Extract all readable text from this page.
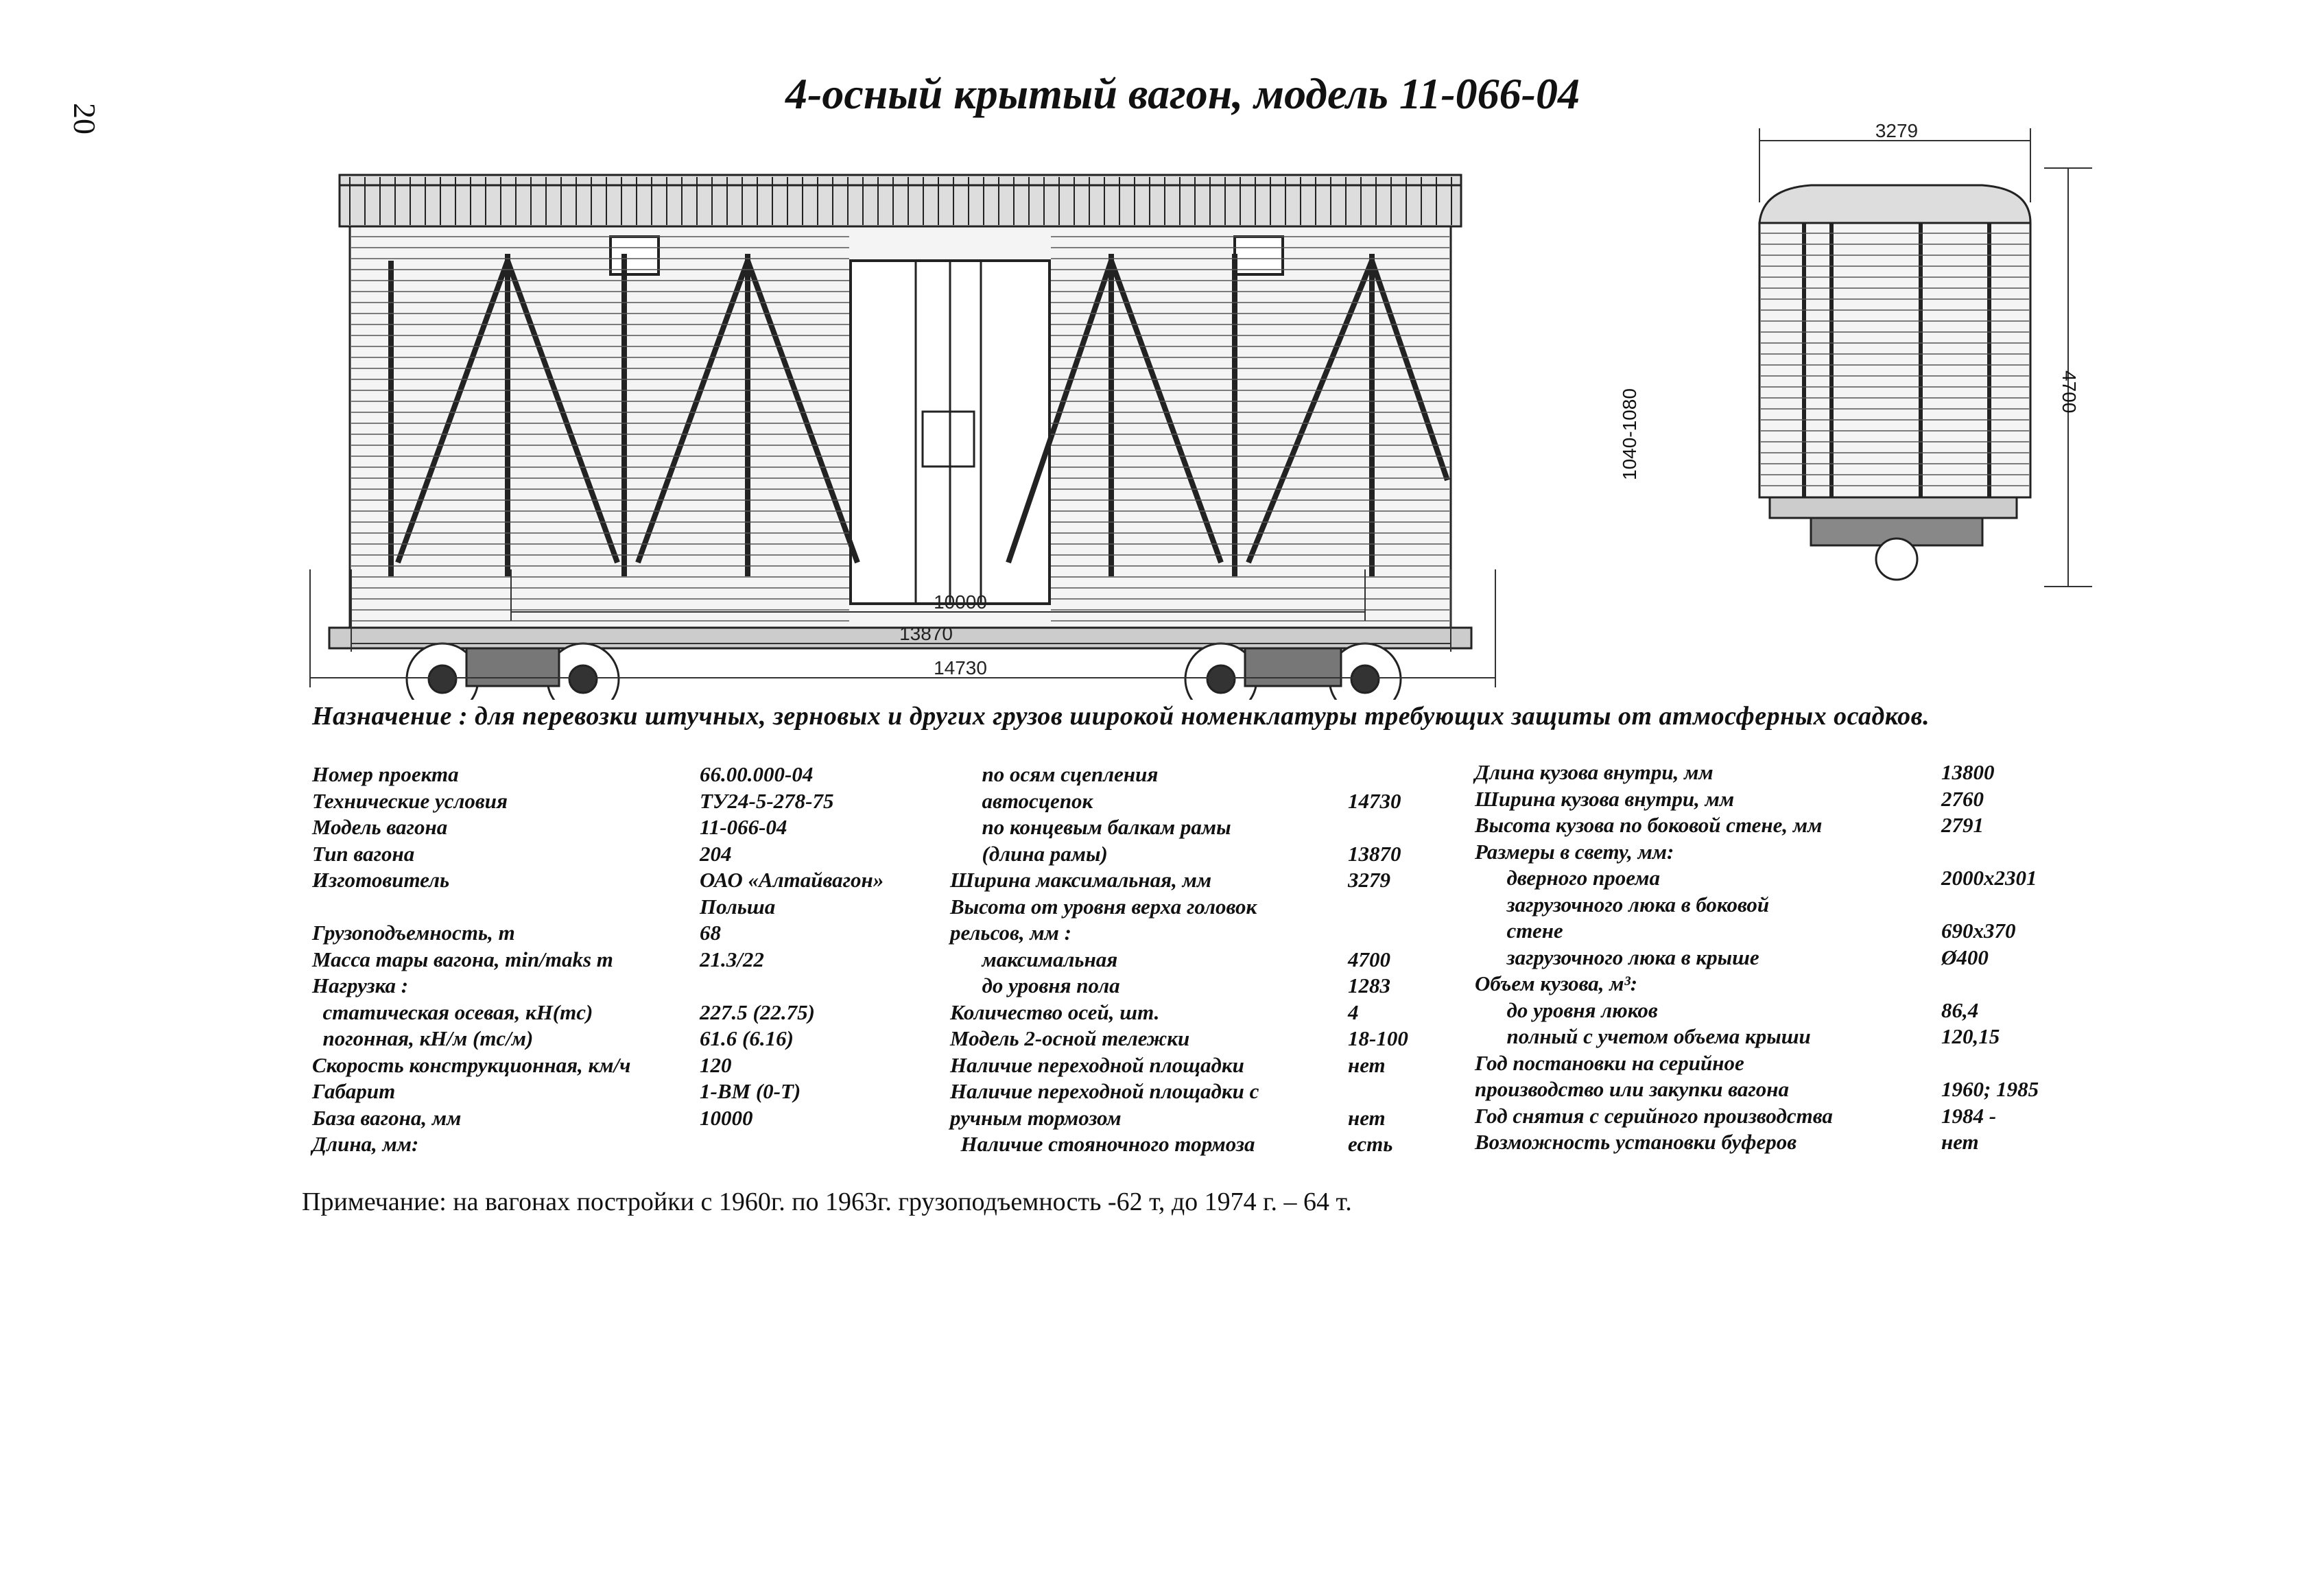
20
4-осный крытый вагон, модель 11-066-04
10000
13870
14730
1040-1080
3279
4700
Назначение : для перевозки штучных, зерновых и других грузов широкой номенклатуры требующих защиты от атмосферных осадков.
Номер проекта	66.00.000-04
Технические условия	ТУ24-5-278-75
Модель вагона	11-066-04
Тип вагона	204
Изготовитель	ОАО «Алтайвагон»
Польша
Грузоподъемность, т	68
Масса тары вагона, min/maks т	21.3/22
Нагрузка :
статическая осевая, кН(тс)	227.5 (22.75)
погонная, кН/м (тс/м)	61.6 (6.16)
Скорость конструкционная, км/ч	120
Габарит	1-ВМ (0-Т)
База вагона, мм	10000
Длина, мм:
по осям сцепления
автосцепок	14730
по концевым балкам рамы
(длина рамы)	13870
Ширина максимальная, мм	3279
Высота от уровня верха головок
рельсов, мм :
максимальная	4700
до уровня пола	1283
Количество осей, шт.	4
Модель 2-осной тележки	18-100
Наличие переходной площадки	нет
Наличие переходной площадки с
ручным тормозом	нет
Наличие стояночного тормоза	есть
Длина кузова внутри, мм	13800
Ширина кузова внутри, мм	2760
Высота кузова по боковой стене, мм	2791
Размеры в свету, мм:
дверного проема	2000x2301
загрузочного люка в боковой
стене	690x370
загрузочного люка в крыше	Ø400
Объем кузова, м³:
до уровня люков	86,4
полный с учетом объема крыши	120,15
Год постановки на серийное
производство или закупки вагона	1960; 1985
Год снятия с серийного производства	1984 -
Возможность установки буферов	нет
Примечание: на вагонах постройки с 1960г. по 1963г. грузоподъемность -62 т, до 1974 г. – 64 т.
